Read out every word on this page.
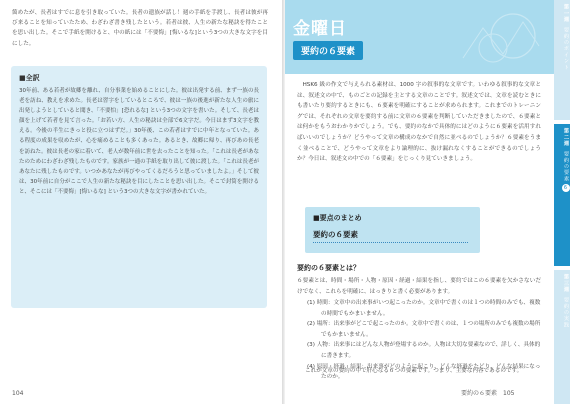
箇めたが、長者はすでに息を引き取っていた。長者の遺族が話し！週の手紙を手渡し、長者は彼が再び来ることを知っていたため、わざわざ書き残したという。若者は彼、人生の新たな秘訣を得たことを思い出した。そこで手紙を開けると、中の紙には「不要悔」[悔いるな]という3つの大きな文字を目にした。
■全訳
30年前、ある若者が故郷を離れ、自分事業を始めることにした。彼は出発する前、まず一族の長老を訪ね、教えを求めた。長老は習字をしているところで、彼は一族の後進が新たな人生の旅に出発しようとしていると聞き、「不要怕」[恐れるな] という3つの文字を書いた。そして、長老は顔を上げて若者を見て言った。「お若い方、人生の秘訣は全部で6文字だ。今日はまず3文字を教える。今後の半生にきっと役に立つはずだ。」30年後、この若者はすでに中年となっていた。ある程度の成果を収めたが、心を痛めることも多くあった。あるとき、故郷に帰り、再びあの長老を訪ねた。彼は長老の家に着いて、老人が数年前に世を去ったことを知った。「これは長老があなたのためにわざわざ残したものです。家族が一通の手紙を取り出して彼に渡した。「これは長老があなたに残したものです。いつかあなたが再びやってくるだろうと思っていましたよ。」そして彼は、30年前に自分がここで人生の新たな秘訣を目にしたことを思い出した。そこで封筒を開けると、そこには「不要悔」[悔いるな] という3つの大きな文字が書かれていた。
104
金曜日
要約の６要素
HSK6 級の作文で与えられる素材は、1000 字の叙事的な文章です。いわゆる叙事的な文章とは、叙述文の中で、ものごとの記録を主とする文章のことです。叙述文では、文章を読むときにも書いたり要約するときにも、６要素を明確にすることが求められます。これまでのトレーニングでは、それぞれの文章を要約する前に文章の６要素を判断していただきましたので、６要素とは何かをもうおわかりかでしょう。でも、要約のなかで具体的にはどのように６要素を活用すればいいのでしょうか？どうやって文章の構成のなかで自然に並べるのでしょうか？６要素をうまく並べることで、どうやって文章をより論理的に、抜け漏れなくすることができるのでしょうか？今日は、叙述文の中での「６要素」をじっくり見ていきましょう。
■要点のまとめ
要約の６要素
要約の６要素とは？
６要素とは、時間・場所・人物・原因・経過・結果を指し、要約ではこの６要素を欠かさないだけでなく、これらを明確に、はっきりと書く必要があります。
(1) 時間：文章中の出来事がいつ起こったのか。文章中で書くのは１つの時間のみでも、複数の時間でもかまいません。
(2) 場所：出来事がどこで起こったのか。文章中で書くのは、１つの場所のみでも複数の場所でもかまいません。
(3) 人物：出来事にはどんな人物が登場するのか。人物は大切な要素なので、詳しく、具体的に書きます。
(4) 原因・経過・結果：出来事がどのように起こり、どんな経過をたどり、どんな結果になったのか。
これが文章の要約の中で肝心なる６つの要素です。つまり、主要な内容であるのです。
要約の６要素 105
第一週
要約のポイント
第二週
要約の要素
6
第三週
要約の実践
